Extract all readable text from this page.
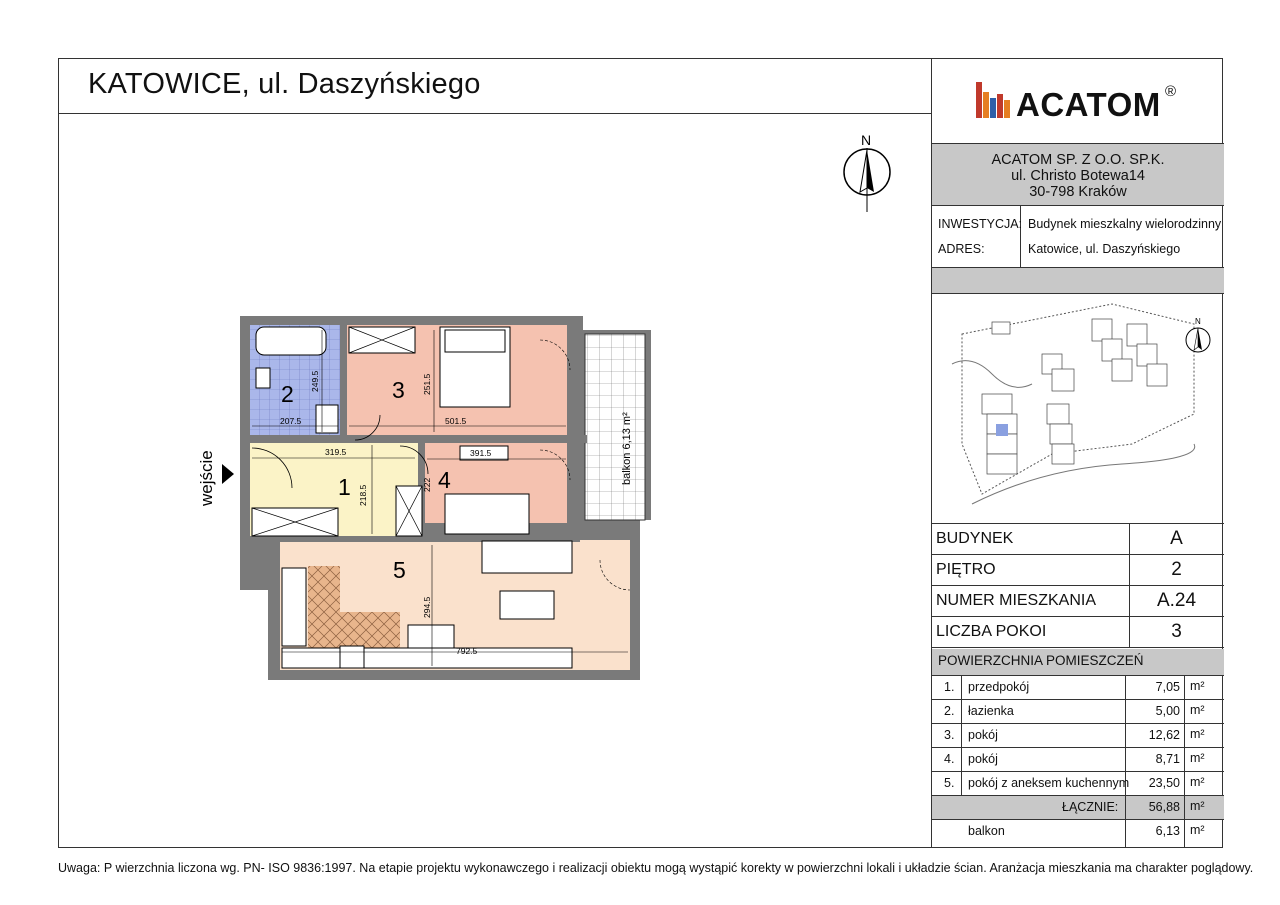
KATOWICE, ul. Daszyńskiego
N
2	3
1	4
5
319.5
218.5
249.5
207.5
251.5
501.5
391.5
222
294.5
792.5
balkon 6,13 m²
wejście
ACATOM ®
ACATOM SP. Z O.O. SP.K.
ul. Christo Botewa14
30-798 Kraków
INWESTYCJA: Budynek mieszkalny wielorodzinny
ADRES:	Katowice, ul. Daszyńskiego
N
BUDYNEK	A
PIĘTRO	2
NUMER MIESZKANIA	A.24
LICZBA POKOI	3
POWIERZCHNIA POMIESZCZEŃ
1. przedpokój	7,05 m²
2. łazienka	5,00 m²
3. pokój	12,62 m²
4. pokój	8,71 m²
5. pokój z aneksem kuchennym	23,50 m²
ŁĄCZNIE:	56,88 m²
balkon	6,13 m²
Uwaga: P wierzchnia liczona wg. PN- ISO 9836:1997. Na etapie projektu wykonawczego i realizacji obiektu mogą wystąpić korekty w powierzchni lokali i układzie ścian. Aranżacja mieszkania ma charakter poglądowy.
